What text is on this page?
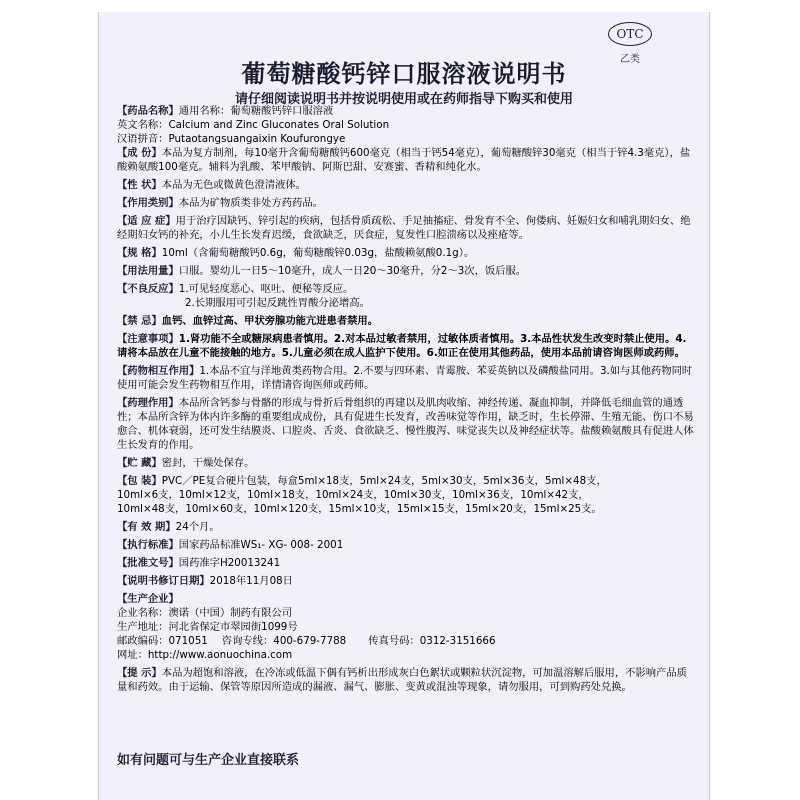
OTC
乙类
葡萄糖酸钙锌口服溶液说明书
请仔细阅读说明书并按说明使用或在药师指导下购买和使用
【药品名称】通用名称：葡萄糖酸钙锌口服溶液
英文名称：Calcium and Zinc Gluconates Oral Solution
汉语拼音：Putaotangsuangaixin Koufurongye
【成 份】本品为复方制剂，每10毫升含葡萄糖酸钙600毫克（相当于钙54毫克），葡萄糖酸锌30毫克（相当于锌4.3毫克），盐酸赖氨酸100毫克。辅料为乳酸、苯甲酸钠、阿斯巴甜、安赛蜜、香精和纯化水。
【性 状】本品为无色或微黄色澄清液体。
【作用类别】本品为矿物质类非处方药药品。
【适 应 症】用于治疗因缺钙、锌引起的疾病，包括骨质疏松、手足抽搐症、骨发育不全、佝偻病、妊娠妇女和哺乳期妇女、绝经期妇女钙的补充，小儿生长发育迟缓，食欲缺乏，厌食症，复发性口腔溃疡以及痤疮等。
【规 格】10ml（含葡萄糖酸钙0.6g，葡萄糖酸锌0.03g，盐酸赖氨酸0.1g）。
【用法用量】口服。婴幼儿一日5～10毫升，成人一日20～30毫升，分2～3次，饭后服。
【不良反应】1.可见轻度恶心、呕吐、便秘等反应。
2.长期服用可引起反跳性胃酸分泌增高。
【禁 忌】血钙、血锌过高、甲状旁腺功能亢进患者禁用。
【注意事项】1.肾功能不全或糖尿病患者慎用。2.对本品过敏者禁用，过敏体质者慎用。3.本品性状发生改变时禁止使用。4.请将本品放在儿童不能接触的地方。5.儿童必须在成人监护下使用。6.如正在使用其他药品，使用本品前请咨询医师或药师。
【药物相互作用】1.本品不宜与洋地黄类药物合用。2.不要与四环素、青霉胺、苯妥英钠以及磷酸盐同用。3.如与其他药物同时使用可能会发生药物相互作用，详情请咨询医师或药师。
【药理作用】本品所含钙参与骨骼的形成与骨折后骨组织的再建以及肌肉收缩、神经传递、凝血抑制，并降低毛细血管的通透性；本品所含锌为体内许多酶的重要组成成份，具有促进生长发育，改善味觉等作用，缺乏时，生长停滞、生殖无能、伤口不易愈合、机体衰弱，还可发生结膜炎、口腔炎、舌炎、食欲缺乏、慢性腹泻、味觉丧失以及神经症状等。盐酸赖氨酸具有促进人体生长发育的作用。
【贮 藏】密封，干燥处保存。
【包 装】PVC／PE复合硬片包装，每盒5ml×18支，5ml×24支，5ml×30支，5ml×36支，5ml×48支，
10ml×6支，10ml×12支，10ml×18支，10ml×24支，10ml×30支，10ml×36支，10ml×42支，
10ml×48支，10ml×60支，10ml×120支，15ml×10支，15ml×15支，15ml×20支，15ml×25支。
【有 效 期】24个月。
【执行标准】国家药品标准WS₁- XG- 008- 2001
【批准文号】国药准字H20013241
【说明书修订日期】2018年11月08日
【生产企业】
企业名称：澳诺（中国）制药有限公司
生产地址：河北省保定市翠园街1099号
邮政编码：071051 咨询专线：400-679-7788 传真号码：0312-3151666
网址：http://www.aonuochina.com
【提 示】本品为超饱和溶液，在冷冻或低温下偶有钙析出形成灰白色絮状或颗粒状沉淀物，可加温溶解后服用，不影响产品质量和药效。由于运输、保管等原因所造成的漏液、漏气、膨胀、变黄或混浊等现象，请勿服用，可到购药处兑换。
如有问题可与生产企业直接联系
